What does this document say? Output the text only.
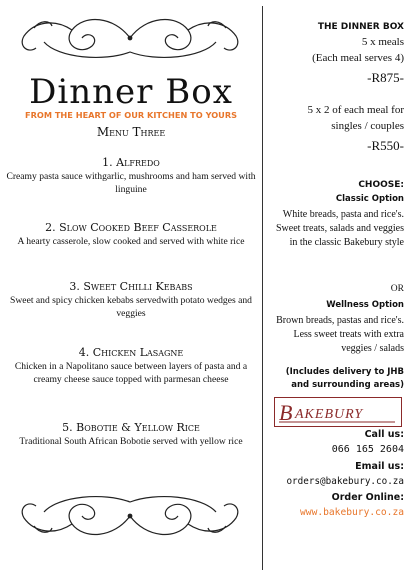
Dinner Box
FROM THE HEART OF OUR KITCHEN TO YOURS
Menu Three
1. Alfredo
Creamy pasta sauce withgarlic, mushrooms and ham served with linguine
2. Slow Cooked Beef Casserole
A hearty casserole, slow cooked and served with white rice
3. Sweet Chilli Kebabs
Sweet and spicy chicken kebabs servedwith potato wedges and veggies
4. Chicken Lasagne
Chicken in a Napolitano sauce between layers of pasta and a creamy cheese sauce topped with parmesan cheese
5. Bobotie & Yellow Rice
Traditional South African Bobotie served with yellow rice
THE DINNER BOX
5 x meals
(Each meal serves 4)
-R875-
5 x 2 of each meal for
singles / couples
-R550-
CHOOSE:
Classic Option
White breads, pasta and rice's. Sweet treats, salads and veggies in the classic Bakebury style
OR
Wellness Option
Brown breads, pastas and rice's. Less sweet treats with extra veggies / salads
(Includes delivery to JHB and surrounding areas)
B AKEBURY
Call us:
066 165 2604
Email us:
orders@bakebury.co.za
Order Online:
www.bakebury.co.za
